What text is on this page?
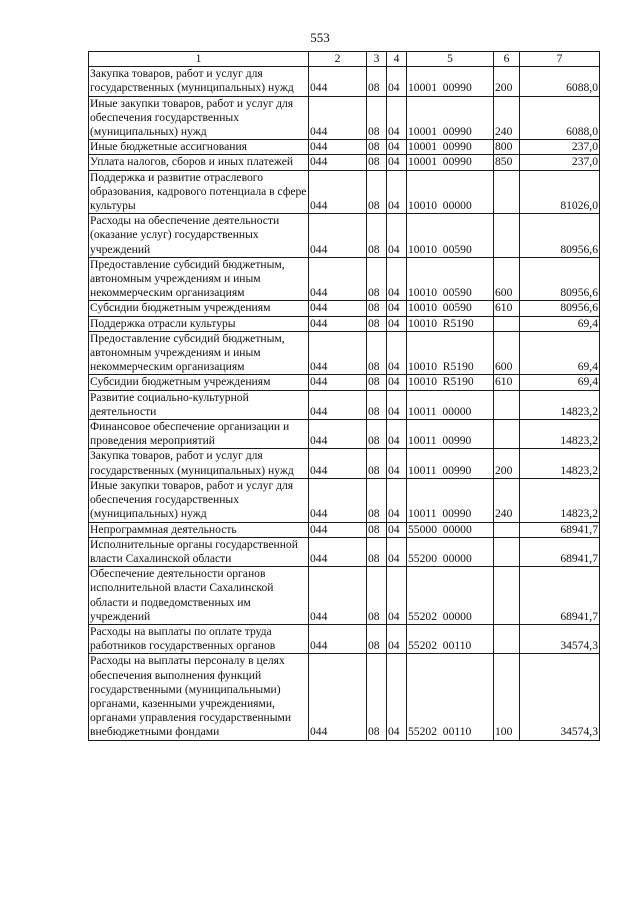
553
1	2	3	4	5	6	7
Закупка товаров, работ и услуг для государственных (муниципальных) нужд	044	08	04	10001  00990	200	6088,0
Иные закупки товаров, работ и услуг для обеспечения государственных (муниципальных) нужд	044	08	04	10001  00990	240	6088,0
Иные бюджетные ассигнования	044	08	04	10001  00990	800	237,0
Уплата налогов, сборов и иных платежей	044	08	04	10001  00990	850	237,0
Поддержка и развитие отраслевого образования, кадрового потенциала в сфере культуры	044	08	04	10010  00000		81026,0
Расходы на обеспечение деятельности (оказание услуг) государственных учреждений	044	08	04	10010  00590		80956,6
Предоставление субсидий бюджетным, автономным учреждениям и иным некоммерческим организациям	044	08	04	10010  00590	600	80956,6
Субсидии бюджетным учреждениям	044	08	04	10010  00590	610	80956,6
Поддержка отрасли культуры	044	08	04	10010  R5190		69,4
Предоставление субсидий бюджетным, автономным учреждениям и иным некоммерческим организациям	044	08	04	10010  R5190	600	69,4
Субсидии бюджетным учреждениям	044	08	04	10010  R5190	610	69,4
Развитие социально-культурной деятельности	044	08	04	10011  00000		14823,2
Финансовое обеспечение организации и проведения мероприятий	044	08	04	10011  00990		14823,2
Закупка товаров, работ и услуг для государственных (муниципальных) нужд	044	08	04	10011  00990	200	14823,2
Иные закупки товаров, работ и услуг для обеспечения государственных (муниципальных) нужд	044	08	04	10011  00990	240	14823,2
Непрограммная деятельность	044	08	04	55000  00000		68941,7
Исполнительные органы государственной власти Сахалинской области	044	08	04	55200  00000		68941,7
Обеспечение деятельности органов исполнительной власти Сахалинской области и подведомственных им учреждений	044	08	04	55202  00000		68941,7
Расходы на выплаты по оплате труда работников государственных органов	044	08	04	55202  00110		34574,3
Расходы на выплаты персоналу в целях обеспечения выполнения функций государственными (муниципальными) органами, казенными учреждениями, органами управления государственными внебюджетными фондами	044	08	04	55202  00110	100	34574,3
